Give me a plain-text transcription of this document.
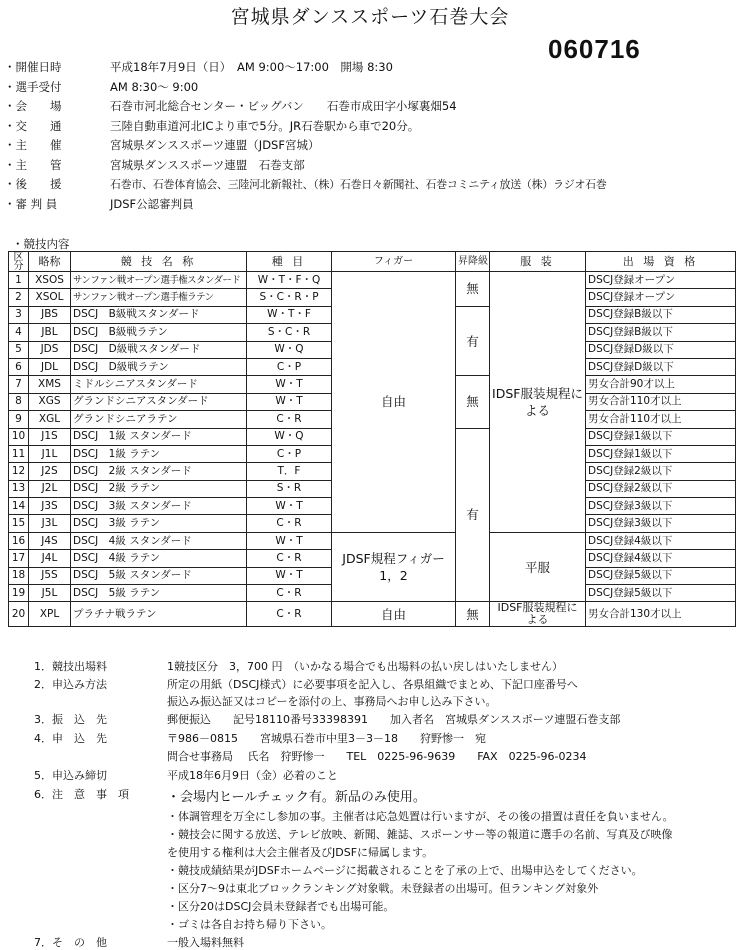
宮城県ダンススポーツ石巻大会
060716
・開催日時	平成18年7月9日（日）　AM 9:00～17:00　開場 8:30
・選手受付	AM 8:30～ 9:00
・会　　場	石巻市河北総合センター・ビッグバン　　石巻市成田字小塚裏畑54
・交　　通	三陸自動車道河北ICより車で5分。JR石巻駅から車で20分。
・主　　催	宮城県ダンススポーツ連盟（JDSF宮城）
・主　　管	宮城県ダンススポーツ連盟　石巻支部
・後　　援	石巻市、石巻体育協会、三陸河北新報社、（株）石巻日々新聞社、石巻コミニティ放送（株）ラジオ石巻
・審 判 員	JDSF公認審判員
・競技内容
区分	略称	競 技 名 称	種 目	フィガー	昇降級	服 装	出 場 資 格
1	XSOS	サンファン戦オープン選手権スタンダード	W・T・F・Q	自由	無	IDSF服装規程による	DSCJ登録オープン
2	XSOL	サンファン戦オープン選手権ラテン	S・C・R・P				DSCJ登録オープン
3	JBS	DSCJ　B級戦スタンダード	W・T・F		有		DSCJ登録B級以下
4	JBL	DSCJ　B級戦ラテン	S・C・R				DSCJ登録B級以下
5	JDS	DSCJ　D級戦スタンダード	W・Q				DSCJ登録D級以下
6	JDL	DSCJ　D級戦ラテン	C・P				DSCJ登録D級以下
7	XMS	ミドルシニアスタンダード	W・T		無		男女合計90才以上
8	XGS	グランドシニアスタンダード	W・T				男女合計110才以上
9	XGL	グランドシニアラテン	C・R				男女合計110才以上
10	J1S	DSCJ　1級 スタンダード	W・Q		有		DSCJ登録1級以下
11	J1L	DSCJ　1級 ラテン	C・P				DSCJ登録1級以下
12	J2S	DSCJ　2級 スタンダード	T．F				DSCJ登録2級以下
13	J2L	DSCJ　2級 ラテン	S・R				DSCJ登録2級以下
14	J3S	DSCJ　3級 スタンダード	W・T				DSCJ登録3級以下
15	J3L	DSCJ　3級 ラテン	C・R				DSCJ登録3級以下
16	J4S	DSCJ　4級 スタンダード	W・T	JDSF規程フィガー　1，2		平服	DSCJ登録4級以下
17	J4L	DSCJ　4級 ラテン	C・R				DSCJ登録4級以下
18	J5S	DSCJ　5級 スタンダード	W・T				DSCJ登録5級以下
19	J5L	DSCJ　5級 ラテン	C・R				DSCJ登録5級以下
20	XPL	プラチナ戦ラテン	C・R	自由	無	IDSF服装規程による	男女合計130才以上
1．競技出場料	1競技区分　3，700 円　（いかなる場合でも出場料の払い戻しはいたしません）
2．申込み方法	所定の用紙（DSCJ様式）に必要事項を記入し、各県組織でまとめ、下記口座番号へ
振込み振込証又はコピーを添付の上、事務局へお申し込み下さい。
3．振　込　先	郵便振込　　記号18110番号33398391　　加入者名　宮城県ダンススポーツ連盟石巻支部
4．申　込　先	〒986－0815　　宮城県石巻市中里3－3－18　　狩野惨一　宛
問合せ事務局　 氏名　狩野惨一　　TEL　0225-96-9639　　FAX　0225-96-0234
5．申込み締切	平成18年6月9日（金）必着のこと
6．注　意　事　項	・会場内ヒールチェック有。新品のみ使用。
・体調管理を万全にし参加の事。主催者は応急処置は行いますが、その後の措置は責任を負いません。
・競技会に関する放送、テレビ放映、新聞、雑誌、スポーンサー等の報道に選手の名前、写真及び映像
を使用する権利は大会主催者及びJDSFに帰属します。
・競技成績結果がJDSFホームページに掲載されることを了承の上で、出場申込をしてください。
・区分7～9は東北ブロックランキング対象戦。未登録者の出場可。但ランキング対象外
・区分20はDSCJ会員未登録者でも出場可能。
・ゴミは各自お持ち帰り下さい。
7．そ　の　他	一般入場料無料
